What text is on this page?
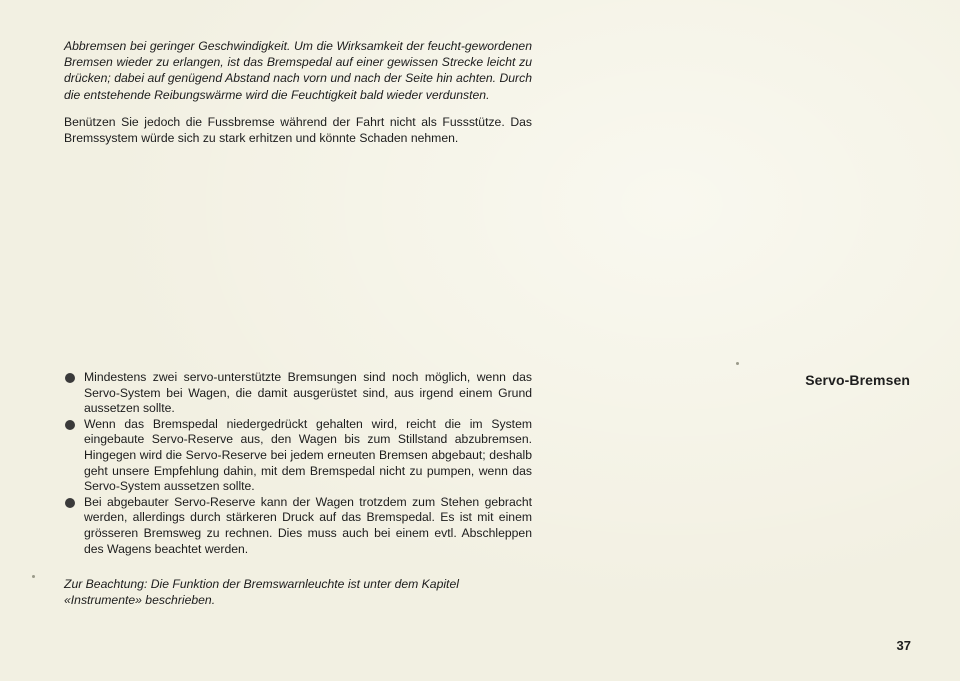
Abbremsen bei geringer Geschwindigkeit. Um die Wirksamkeit der feucht-gewordenen Bremsen wieder zu erlangen, ist das Bremspedal auf einer gewissen Strecke leicht zu drücken; dabei auf genügend Abstand nach vorn und nach der Seite hin achten. Durch die entstehende Reibungswärme wird die Feuchtigkeit bald wieder verdunsten.

Benützen Sie jedoch die Fussbremse während der Fahrt nicht als Fussstütze. Das Bremssystem würde sich zu stark erhitzen und könnte Schaden nehmen.

Servo-Bremsen
Mindestens zwei servo-unterstützte Bremsungen sind noch möglich, wenn das Servo-System bei Wagen, die damit ausgerüstet sind, aus irgend einem Grund aussetzen sollte.
Wenn das Bremspedal niedergedrückt gehalten wird, reicht die im System eingebaute Servo-Reserve aus, den Wagen bis zum Stillstand abzubremsen. Hingegen wird die Servo-Reserve bei jedem erneuten Bremsen abgebaut; deshalb geht unsere Empfehlung dahin, mit dem Bremspedal nicht zu pumpen, wenn das Servo-System aussetzen sollte.
Bei abgebauter Servo-Reserve kann der Wagen trotzdem zum Stehen gebracht werden, allerdings durch stärkeren Druck auf das Bremspedal. Es ist mit einem grösseren Bremsweg zu rechnen. Dies muss auch bei einem evtl. Abschleppen des Wagens beachtet werden.

Zur Beachtung: Die Funktion der Bremswarnleuchte ist unter dem Kapitel «Instrumente» beschrieben.

37
